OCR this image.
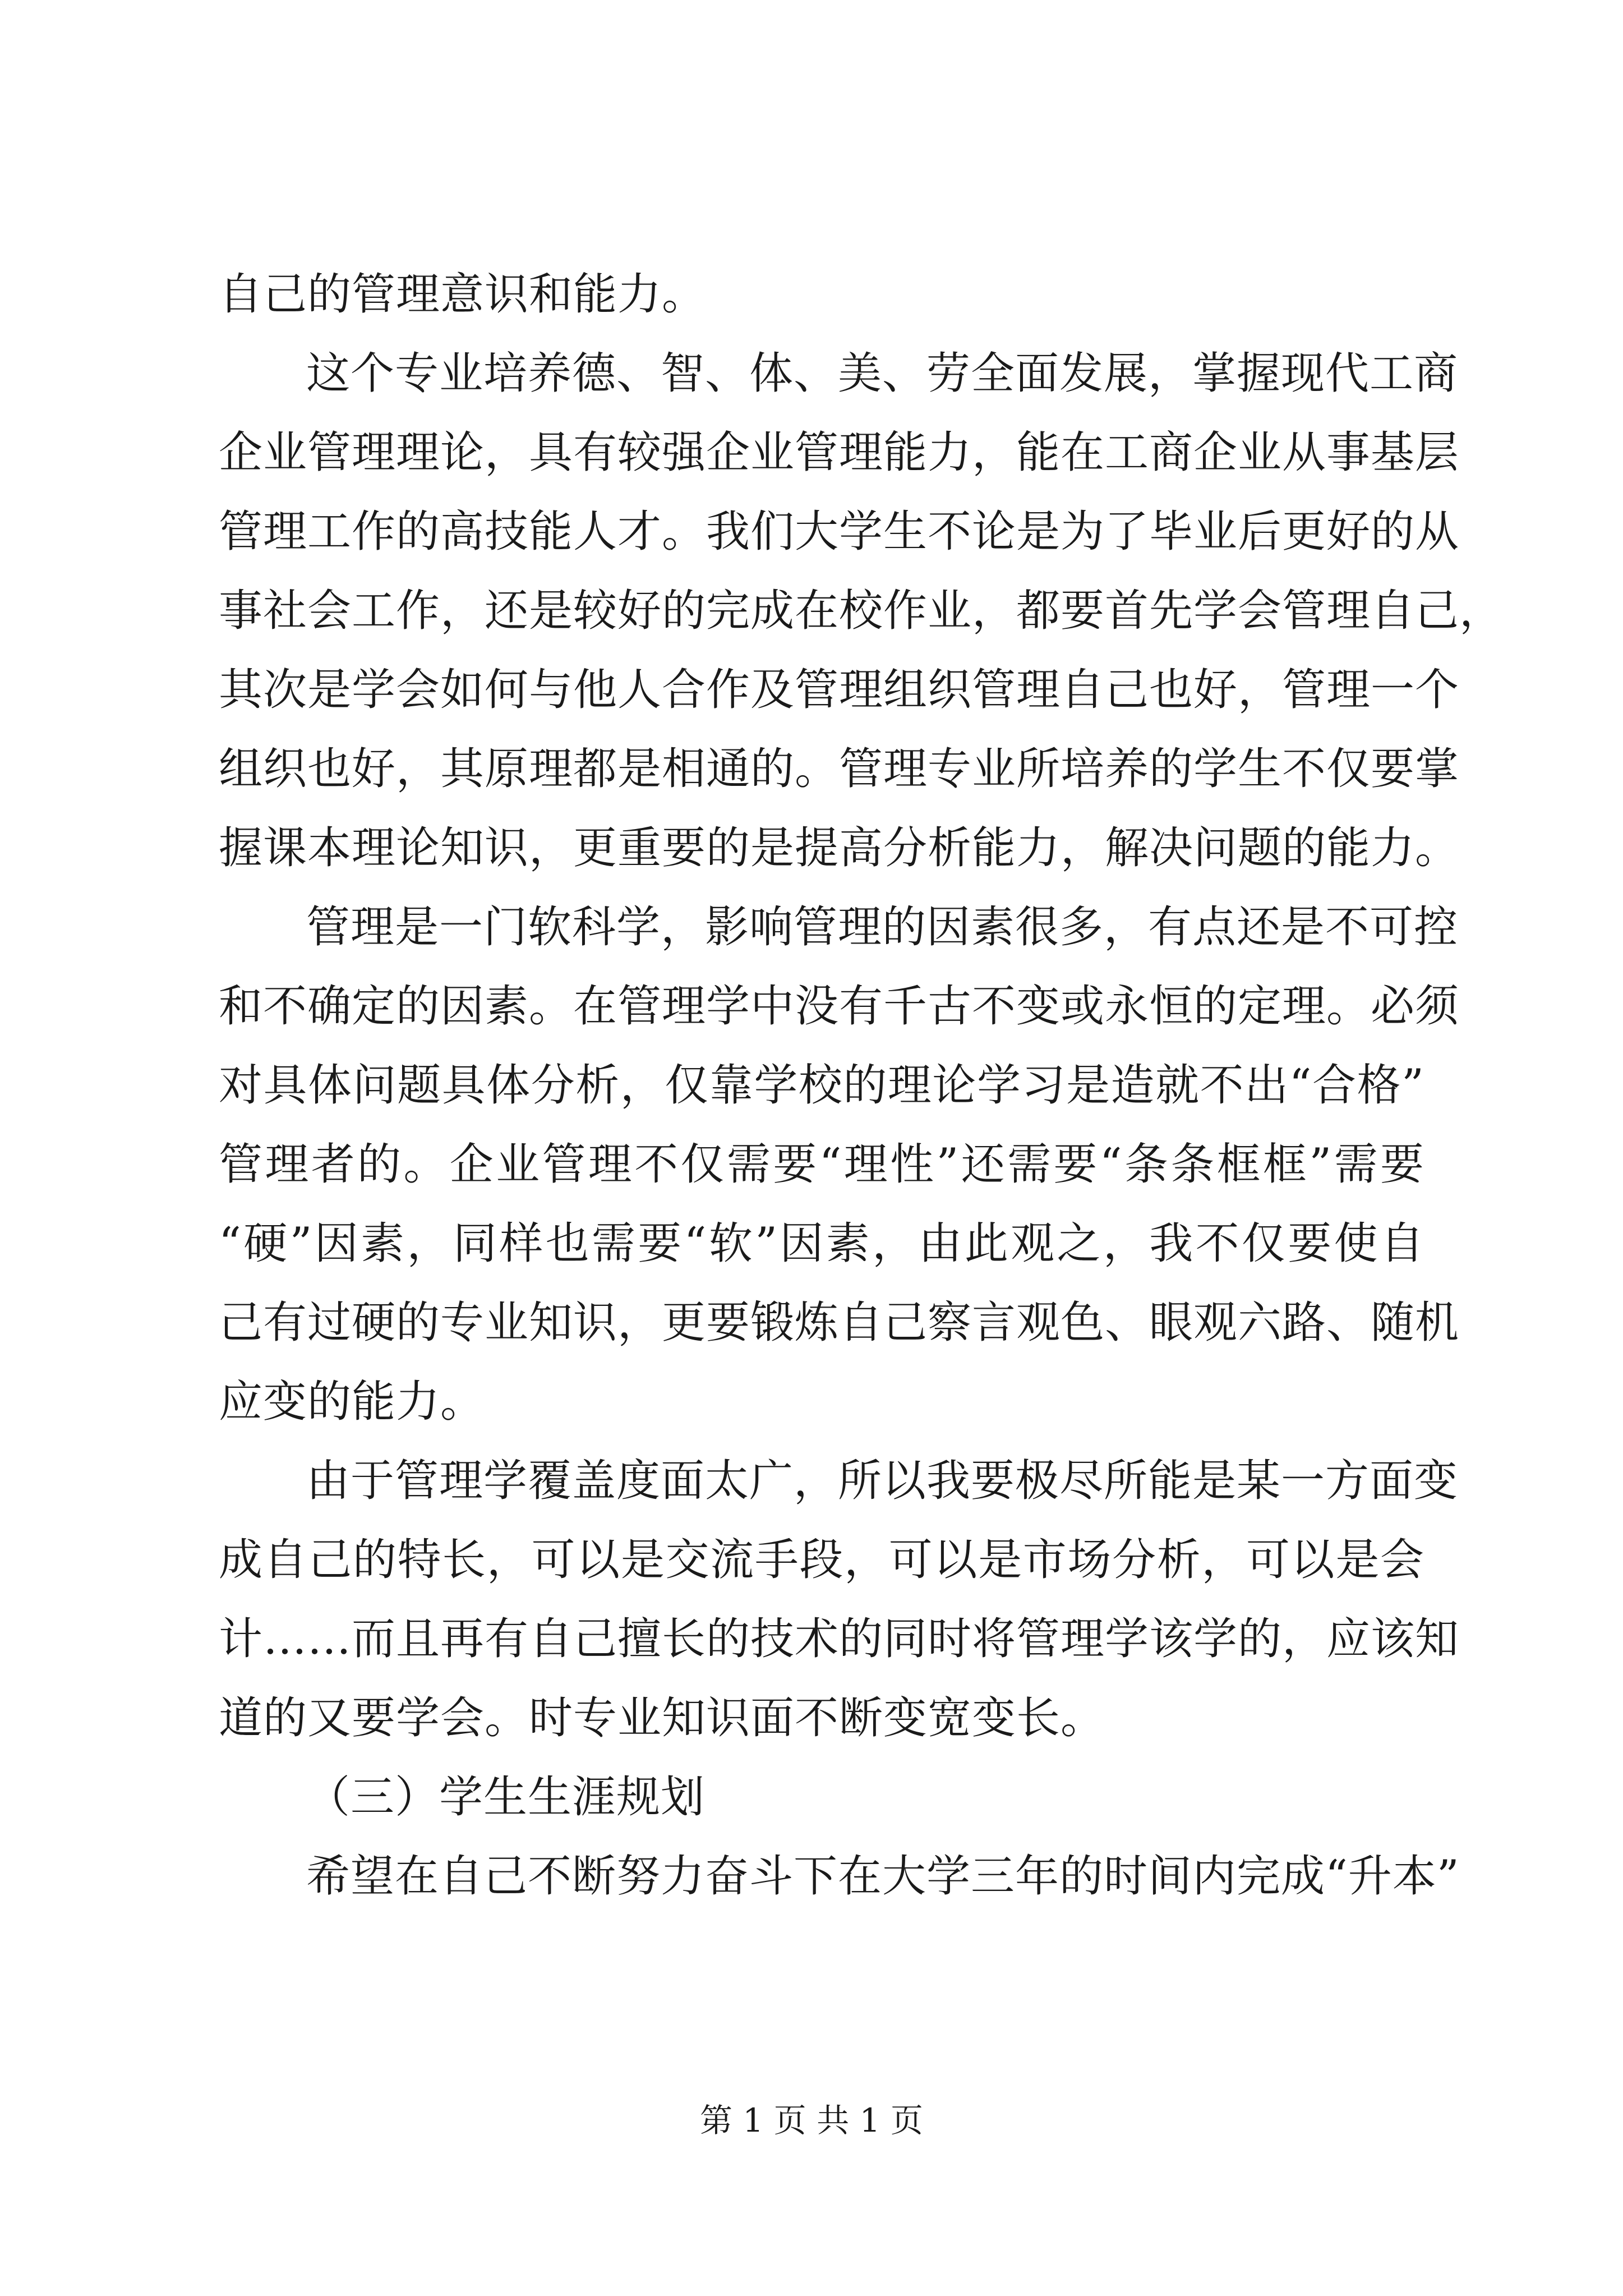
自己的管理意识和能力。
这个专业培养德、智、体、美、劳全面发展，掌握现代工商
企业管理理论，具有较强企业管理能力，能在工商企业从事基层
管理工作的高技能人才。我们大学生不论是为了毕业后更好的从
事社会工作，还是较好的完成在校作业，都要首先学会管理自己，
其次是学会如何与他人合作及管理组织管理自己也好，管理一个
组织也好，其原理都是相通的。管理专业所培养的学生不仅要掌
握课本理论知识，更重要的是提高分析能力，解决问题的能力。
管理是一门软科学，影响管理的因素很多，有点还是不可控
和不确定的因素。在管理学中没有千古不变或永恒的定理。必须
对具体问题具体分析，仅靠学校的理论学习是造就不出“合格”
管理者的。企业管理不仅需要“理性”还需要“条条框框”需要
“硬”因素，同样也需要“软”因素，由此观之，我不仅要使自
己有过硬的专业知识，更要锻炼自己察言观色、眼观六路、随机
应变的能力。
由于管理学覆盖度面太广，所以我要极尽所能是某一方面变
成自己的特长，可以是交流手段，可以是市场分析，可以是会
计……而且再有自己擅长的技术的同时将管理学该学的，应该知
道的又要学会。时专业知识面不断变宽变长。
（三）学生生涯规划
希望在自己不断努力奋斗下在大学三年的时间内完成“升本”
第 1 页 共 1 页
